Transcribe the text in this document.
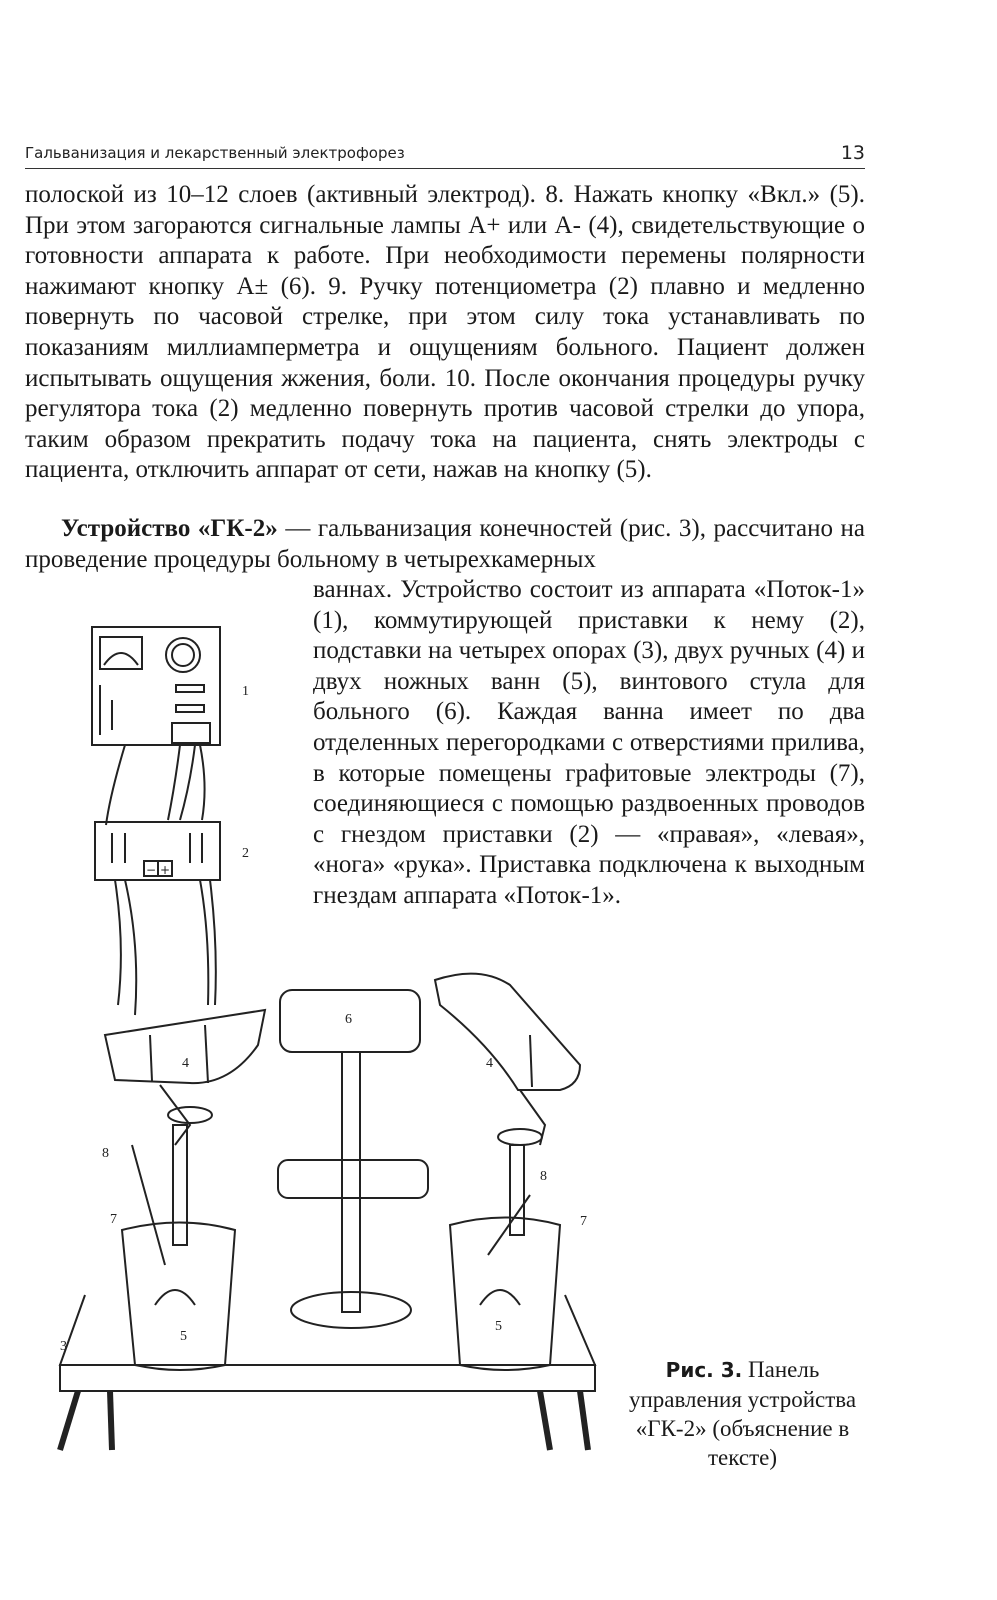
Гальванизация и лекарственный электрофорез	13

полоской из 10–12 слоев (активный электрод). 8. Нажать кнопку «Вкл.» (5). При этом загораются сигнальные лампы А+ или А- (4), свидетельствующие о готовности аппарата к работе. При необходимости перемены полярности нажимают кнопку А± (6). 9. Ручку потенциометра (2) плавно и медленно повернуть по часовой стрелке, при этом силу тока устанавливать по показаниям миллиамперметра и ощущениям больного. Пациент должен испытывать ощущения жжения, боли. 10. После окончания процедуры ручку регулятора тока (2) медленно повернуть против часовой стрелки до упора, таким образом прекратить подачу тока на пациента, снять электроды с пациента, отключить аппарат от сети, нажав на кнопку (5).

Устройство «ГК-2» — гальванизация конечностей (рис. 3), рассчитано на проведение процедуры больному в четырехкамерных

ваннах. Устройство состоит из аппарата «Поток-1» (1), коммутирующей приставки к нему (2), подставки на четырех опорах (3), двух ручных (4) и двух ножных ванн (5), винтового стула для больного (6). Каждая ванна имеет по два отделенных перегородками с отверстиями прилива, в которые помещены графитовые электроды (7), соединяющиеся с помощью раздвоенных проводов с гнездом приставки (2) — «правая», «левая», «нога» «рука». Приставка подключена к выходным гнездам аппарата «Поток-1».

− +
1
2
3
4	4
5
5
6
7	7
8
8
Рис. 3. Панель управления устройства «ГК-2» (объяснение в тексте)
